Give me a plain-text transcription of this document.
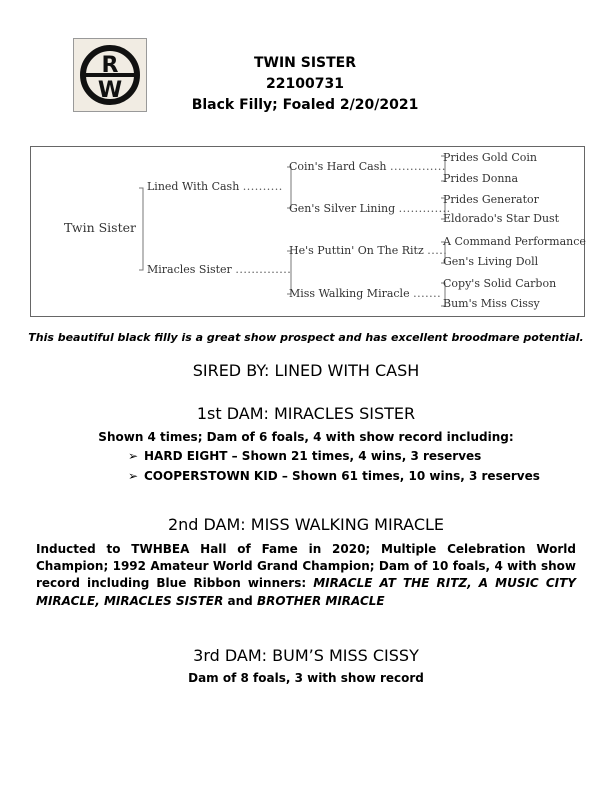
R
W
TWIN SISTER
22100731
Black Filly; Foaled 2/20/2021
Twin Sister
Lined With Cash ..........
Miracles Sister ..............
Coin's Hard Cash ..............
Gen's Silver Lining .............
He's Puttin' On The Ritz .....
Miss Walking Miracle .......
Prides Gold Coin
Prides Donna
Prides Generator
Eldorado's Star Dust
A Command Performance
Gen's Living Doll
Copy's Solid Carbon
Bum's Miss Cissy
This beautiful black filly is a great show prospect and has excellent broodmare potential.
SIRED BY: LINED WITH CASH
1st DAM: MIRACLES SISTER
Shown 4 times; Dam of 6 foals, 4 with show record including:
➢ HARD EIGHT – Shown 21 times, 4 wins, 3 reserves
➢ COOPERSTOWN KID – Shown 61 times, 10 wins, 3 reserves
2nd DAM: MISS WALKING MIRACLE
Inducted to TWHBEA Hall of Fame in 2020; Multiple Celebration World Champion; 1992 Amateur World Grand Champion; Dam of 10 foals, 4 with show record including Blue Ribbon winners: MIRACLE AT THE RITZ, A MUSIC CITY MIRACLE, MIRACLES SISTER and BROTHER MIRACLE
3rd DAM: BUM’S MISS CISSY
Dam of 8 foals, 3 with show record
